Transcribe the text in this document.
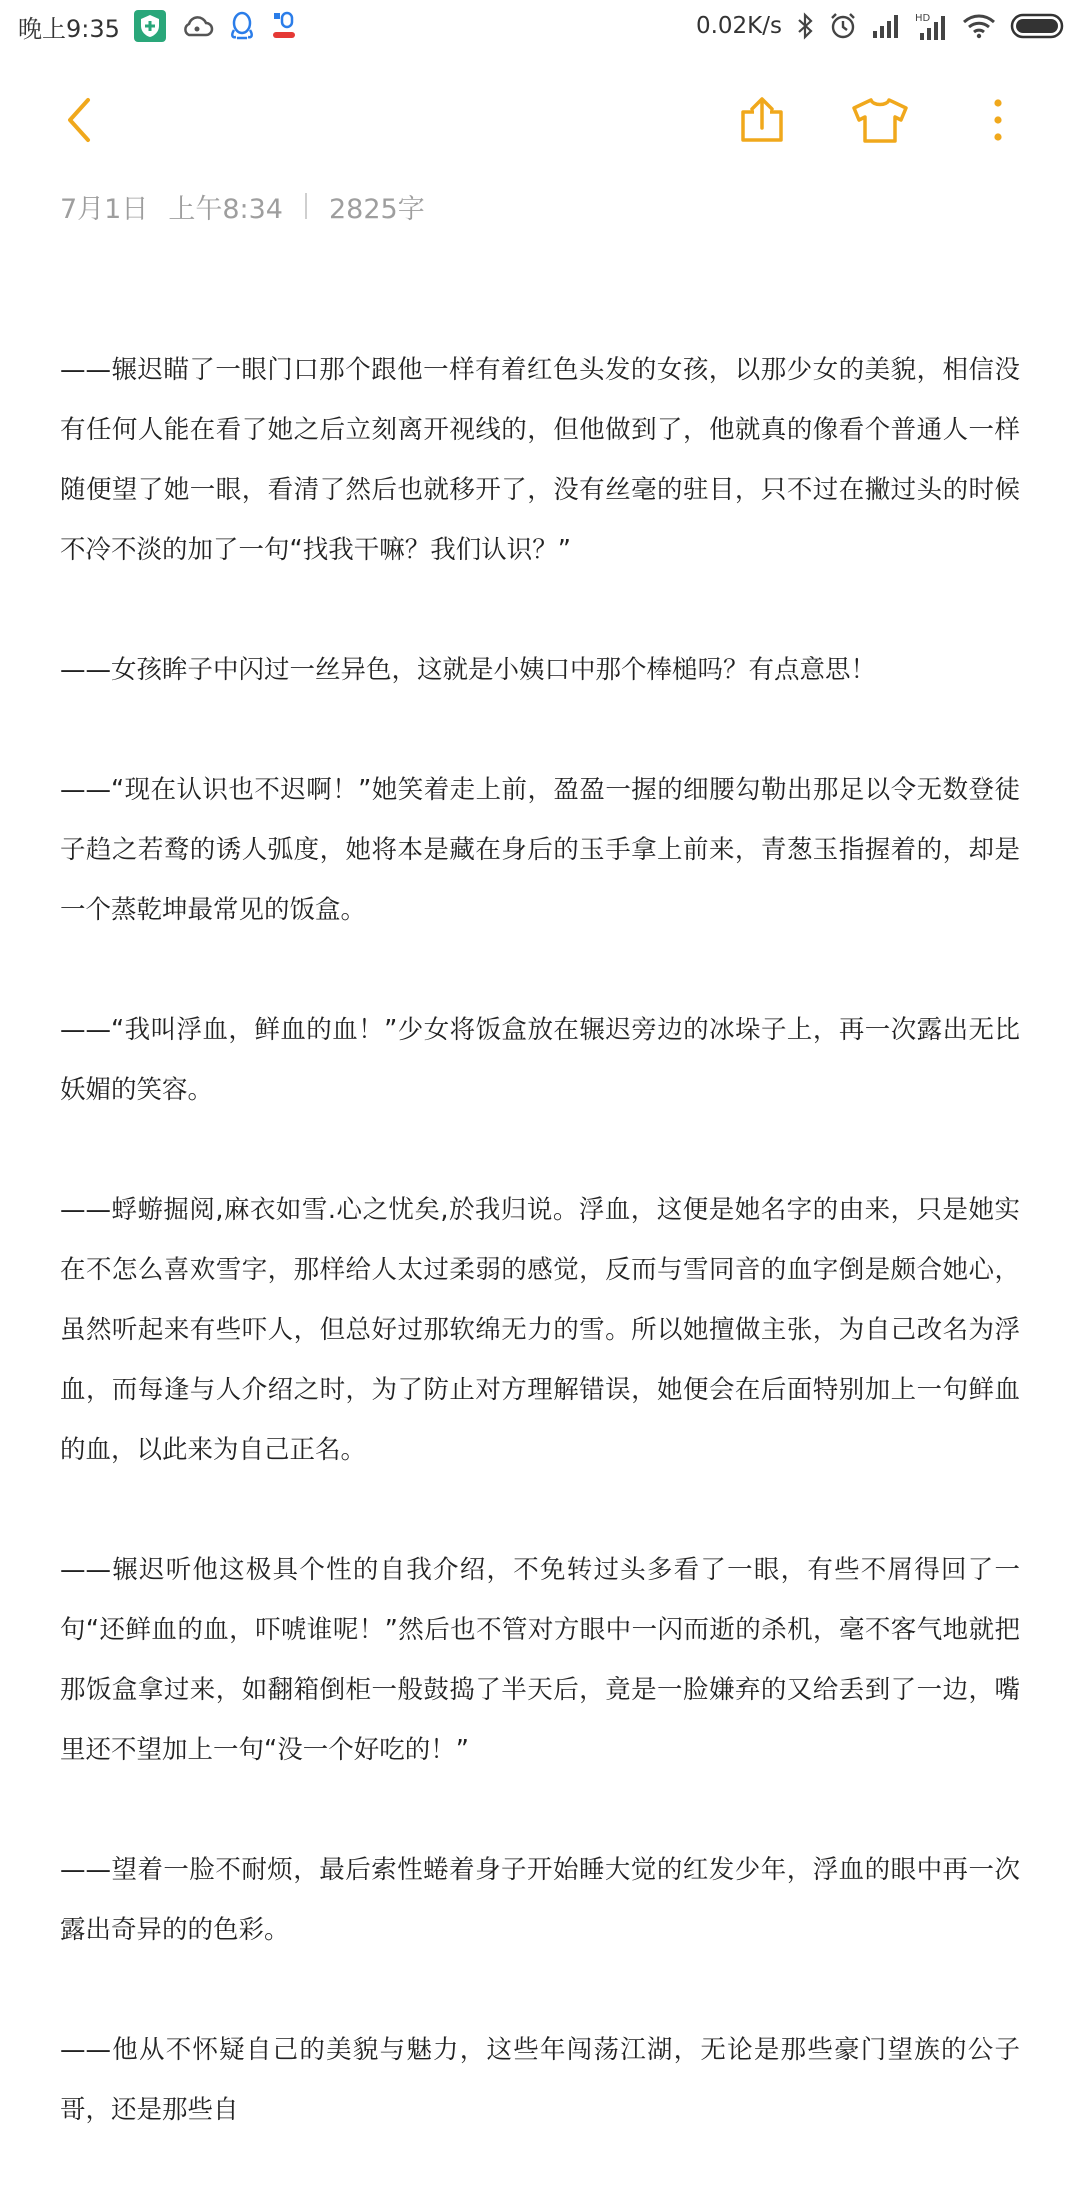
晚上9:35	0.02K/s	HD
7月1日 上午8:34 2825字

——辗迟瞄了一眼门口那个跟他一样有着红色头发的女孩，以那少女的美貌，相信没有任何人能在看了她之后立刻离开视线的，但他做到了，他就真的像看个普通人一样随便望了她一眼，看清了然后也就移开了，没有丝毫的驻目，只不过在撇过头的时候不冷不淡的加了一句“找我干嘛？我们认识？”

——女孩眸子中闪过一丝异色，这就是小姨口中那个棒槌吗？有点意思！

——“现在认识也不迟啊！”她笑着走上前，盈盈一握的细腰勾勒出那足以令无数登徒子趋之若鹜的诱人弧度，她将本是藏在身后的玉手拿上前来，青葱玉指握着的，却是一个蒸乾坤最常见的饭盒。

——“我叫浮血，鲜血的血！”少女将饭盒放在辗迟旁边的冰垛子上，再一次露出无比妖媚的笑容。

——蜉蝣掘阅,麻衣如雪.心之忧矣,於我归说。浮血，这便是她名字的由来，只是她实在不怎么喜欢雪字，那样给人太过柔弱的感觉，反而与雪同音的血字倒是颇合她心，虽然听起来有些吓人，但总好过那软绵无力的雪。所以她擅做主张，为自己改名为浮血，而每逢与人介绍之时，为了防止对方理解错误，她便会在后面特别加上一句鲜血的血，以此来为自己正名。

——辗迟听他这极具个性的自我介绍，不免转过头多看了一眼，有些不屑得回了一句“还鲜血的血，吓唬谁呢！”然后也不管对方眼中一闪而逝的杀机，毫不客气地就把那饭盒拿过来，如翻箱倒柜一般鼓捣了半天后，竟是一脸嫌弃的又给丢到了一边，嘴里还不望加上一句“没一个好吃的！”

——望着一脸不耐烦，最后索性蜷着身子开始睡大觉的红发少年，浮血的眼中再一次露出奇异的的色彩。

——他从不怀疑自己的美貌与魅力，这些年闯荡江湖，无论是那些豪门望族的公子哥，还是那些自
